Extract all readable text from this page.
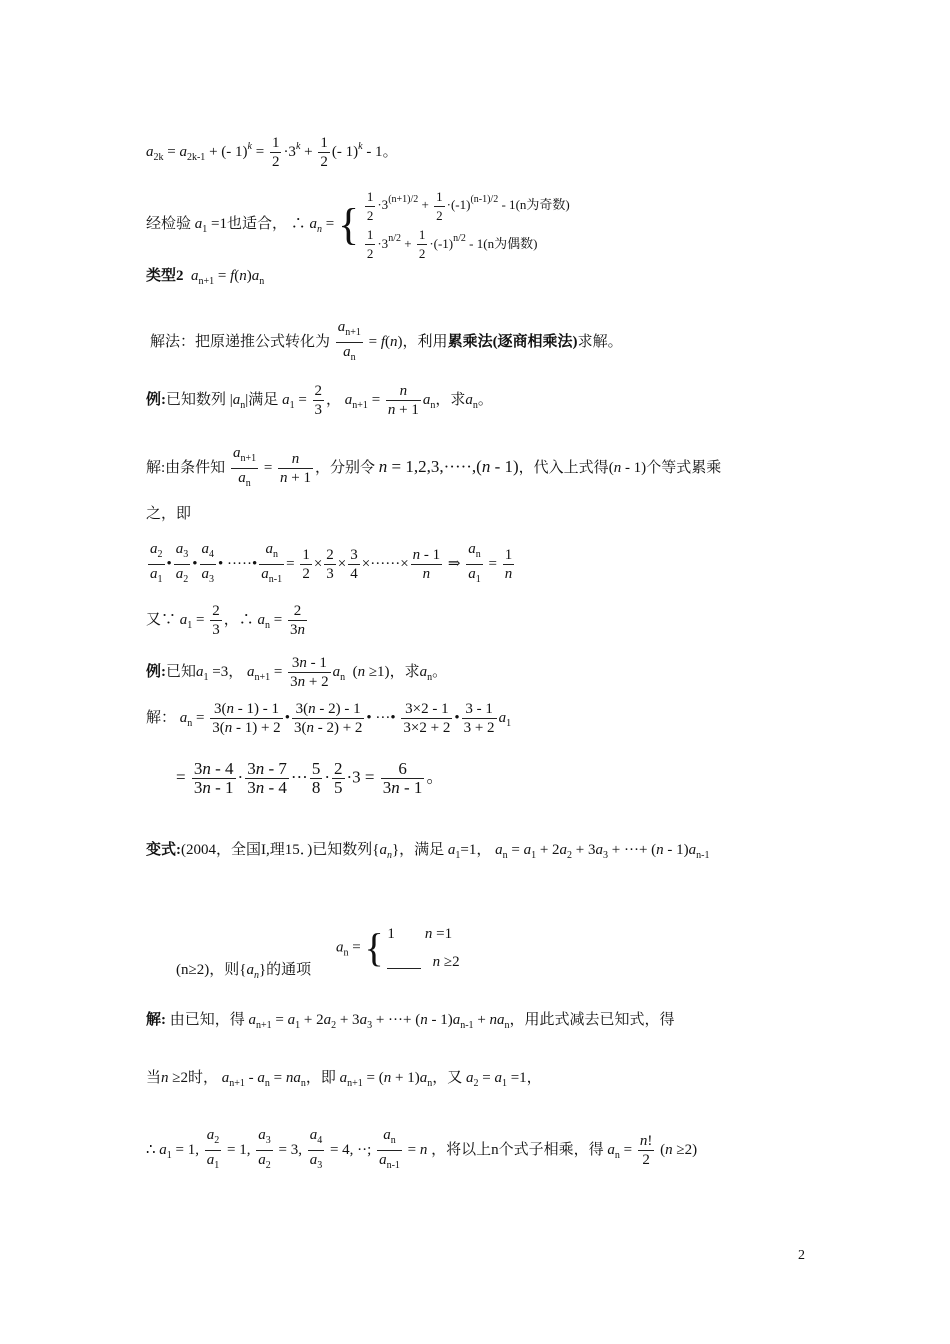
$a_{2k} = a_{2k-1}$ + (- $1)^k = \frac{1}{2} \cdot 3^k + \frac{1}{2}$ (- 1)$^k$ - 1。
经检验 $a_1 =1$也适合， ∴ $a_n$ = { $\frac{1}{2} \cdot 3^{(n+1)/2} + \frac{1}{2} \cdot(-1)^{(n-1)/2} - 1(n$为奇数)
$\frac{1}{2} \cdot 3^{n/2} + \frac{1}{2} \cdot(-1)^{n/2} - 1(n$为偶数)
类型2 $a_{n+1} = f(n)a_n$
解法：把原递推公式转化为 $\frac{a_{n+1}}{a_n} = f(n)$，利用累乘法(逐商相乘法)求解。
例:已知数列 $|a_n|$满足 $a_1 = \frac{2}{3}$ ， $a_{n+1} = \frac{n}{n + 1} a_n$，求$a_n$。
解:由条件知 $\frac{a_{n+1}}{a_n} = \frac{n}{n + 1}$ ，分别令 n = 1,2,3,·····,(n - 1)，代入上式得(n - 1)个等式累乘
之，即
$\frac{a_2}{a_1}$ • $\frac{a_3}{a_2}$ • $\frac{a_4}{a_3}$ • ·····• $\frac{a_n}{a_{n-1}} = \frac{1}{2} \times \frac{2}{3} \times \frac{3}{4}$ ×······× $\frac{n - 1}{n}$ ⇒ $\frac{a_n}{a_1} = \frac{1}{n}$
又∵ $a_1 = \frac{2}{3}$ ，∴ $a_n = \frac{2}{3n}$
例:已知$a_1 =3$， $a_{n+1} = \frac{3n - 1}{3n + 2} a_n$  (n ≥1)，求$a_n$。
解： $a_n = \frac{3(n - 1) - 1}{3(n - 1) + 2}$ • $\frac{3(n - 2) - 1}{3(n - 2) + 2}$ • ···• $\frac{3\times 2 - 1}{3\times 2 + 2}$ • $\frac{3 - 1}{3 + 2} a_1$
= $\frac{3n - 4}{3n - 1} \cdot \frac{3n - 7}{3n - 4}$ ··· $\frac{5}{8} \cdot \frac{2}{5} \cdot 3 = \frac{6}{3n - 1}$ 。
变式:(2004，全国I,理15．)已知数列$\{a_n\}$，满足 $a_1=1$， $a_n = a_1 + 2a_2 + 3a_3$ + ···+ $(n - 1)a_{n-1}$
$a_n$ = { 1        n =1
n ≥2
(n≥2)，则$\{a_n\}$的通项
解: 由已知，得 $a_{n+1} = a_1 + 2a_2 + 3a_3$ + ···+ $(n - 1)a_{n-1} + na_n$，用此式减去已知式，得
当n ≥2时， $a_{n+1} - a_n = na_n$，即 $a_{n+1} = (n + 1)a_n$，又 $a_2 = a_1 =1$，
∴ $a_1 = 1$, $\frac{a_2}{a_1} = 1$, $\frac{a_3}{a_2} = 3$, $\frac{a_4}{a_3} = 4$, ··; $\frac{a_n}{a_{n-1}} = n$ ，将以上n个式子相乘，得 $a_n = \frac{n!}{2} (n \ge 2)$
2
